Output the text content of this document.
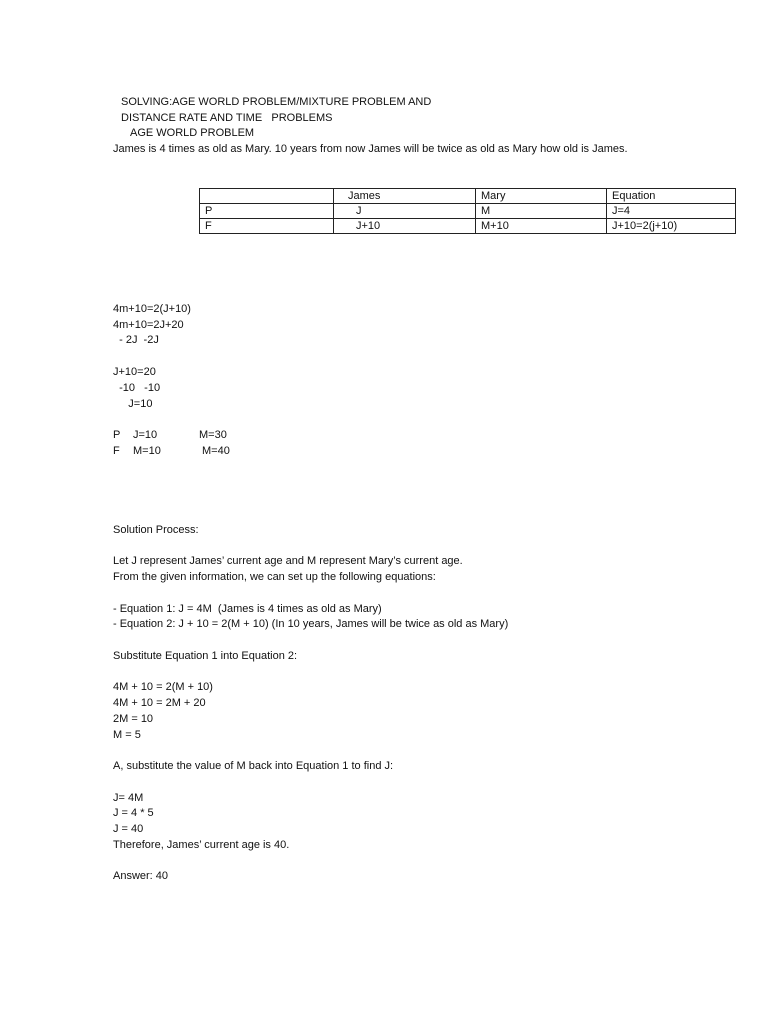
SOLVING:AGE WORLD PROBLEM/MIXTURE PROBLEM AND

DISTANCE RATE AND TIME   PROBLEMS

AGE WORLD PROBLEM

James is 4 times as old as Mary. 10 years from now James will be twice as old as Mary how old is James.

	James	Mary	Equation
P	J	M	J=4
F	J+10	M+10	J+10=2(j+10)

4m+10=2(J+10)

4m+10=2J+20

- 2J  -2J

J+10=20

-10   -10

J=10

P J=10	M=30

F M=10	M=40

Solution Process:

Let J represent James’ current age and M represent Mary’s current age.

From the given information, we can set up the following equations:

- Equation 1: J = 4M  (James is 4 times as old as Mary)

- Equation 2: J + 10 = 2(M + 10) (In 10 years, James will be twice as old as Mary)

Substitute Equation 1 into Equation 2:

4M + 10 = 2(M + 10)

4M + 10 = 2M + 20

2M = 10

M = 5

A, substitute the value of M back into Equation 1 to find J:

J= 4M

J = 4 * 5

J = 40

Therefore, James’ current age is 40.

Answer: 40
